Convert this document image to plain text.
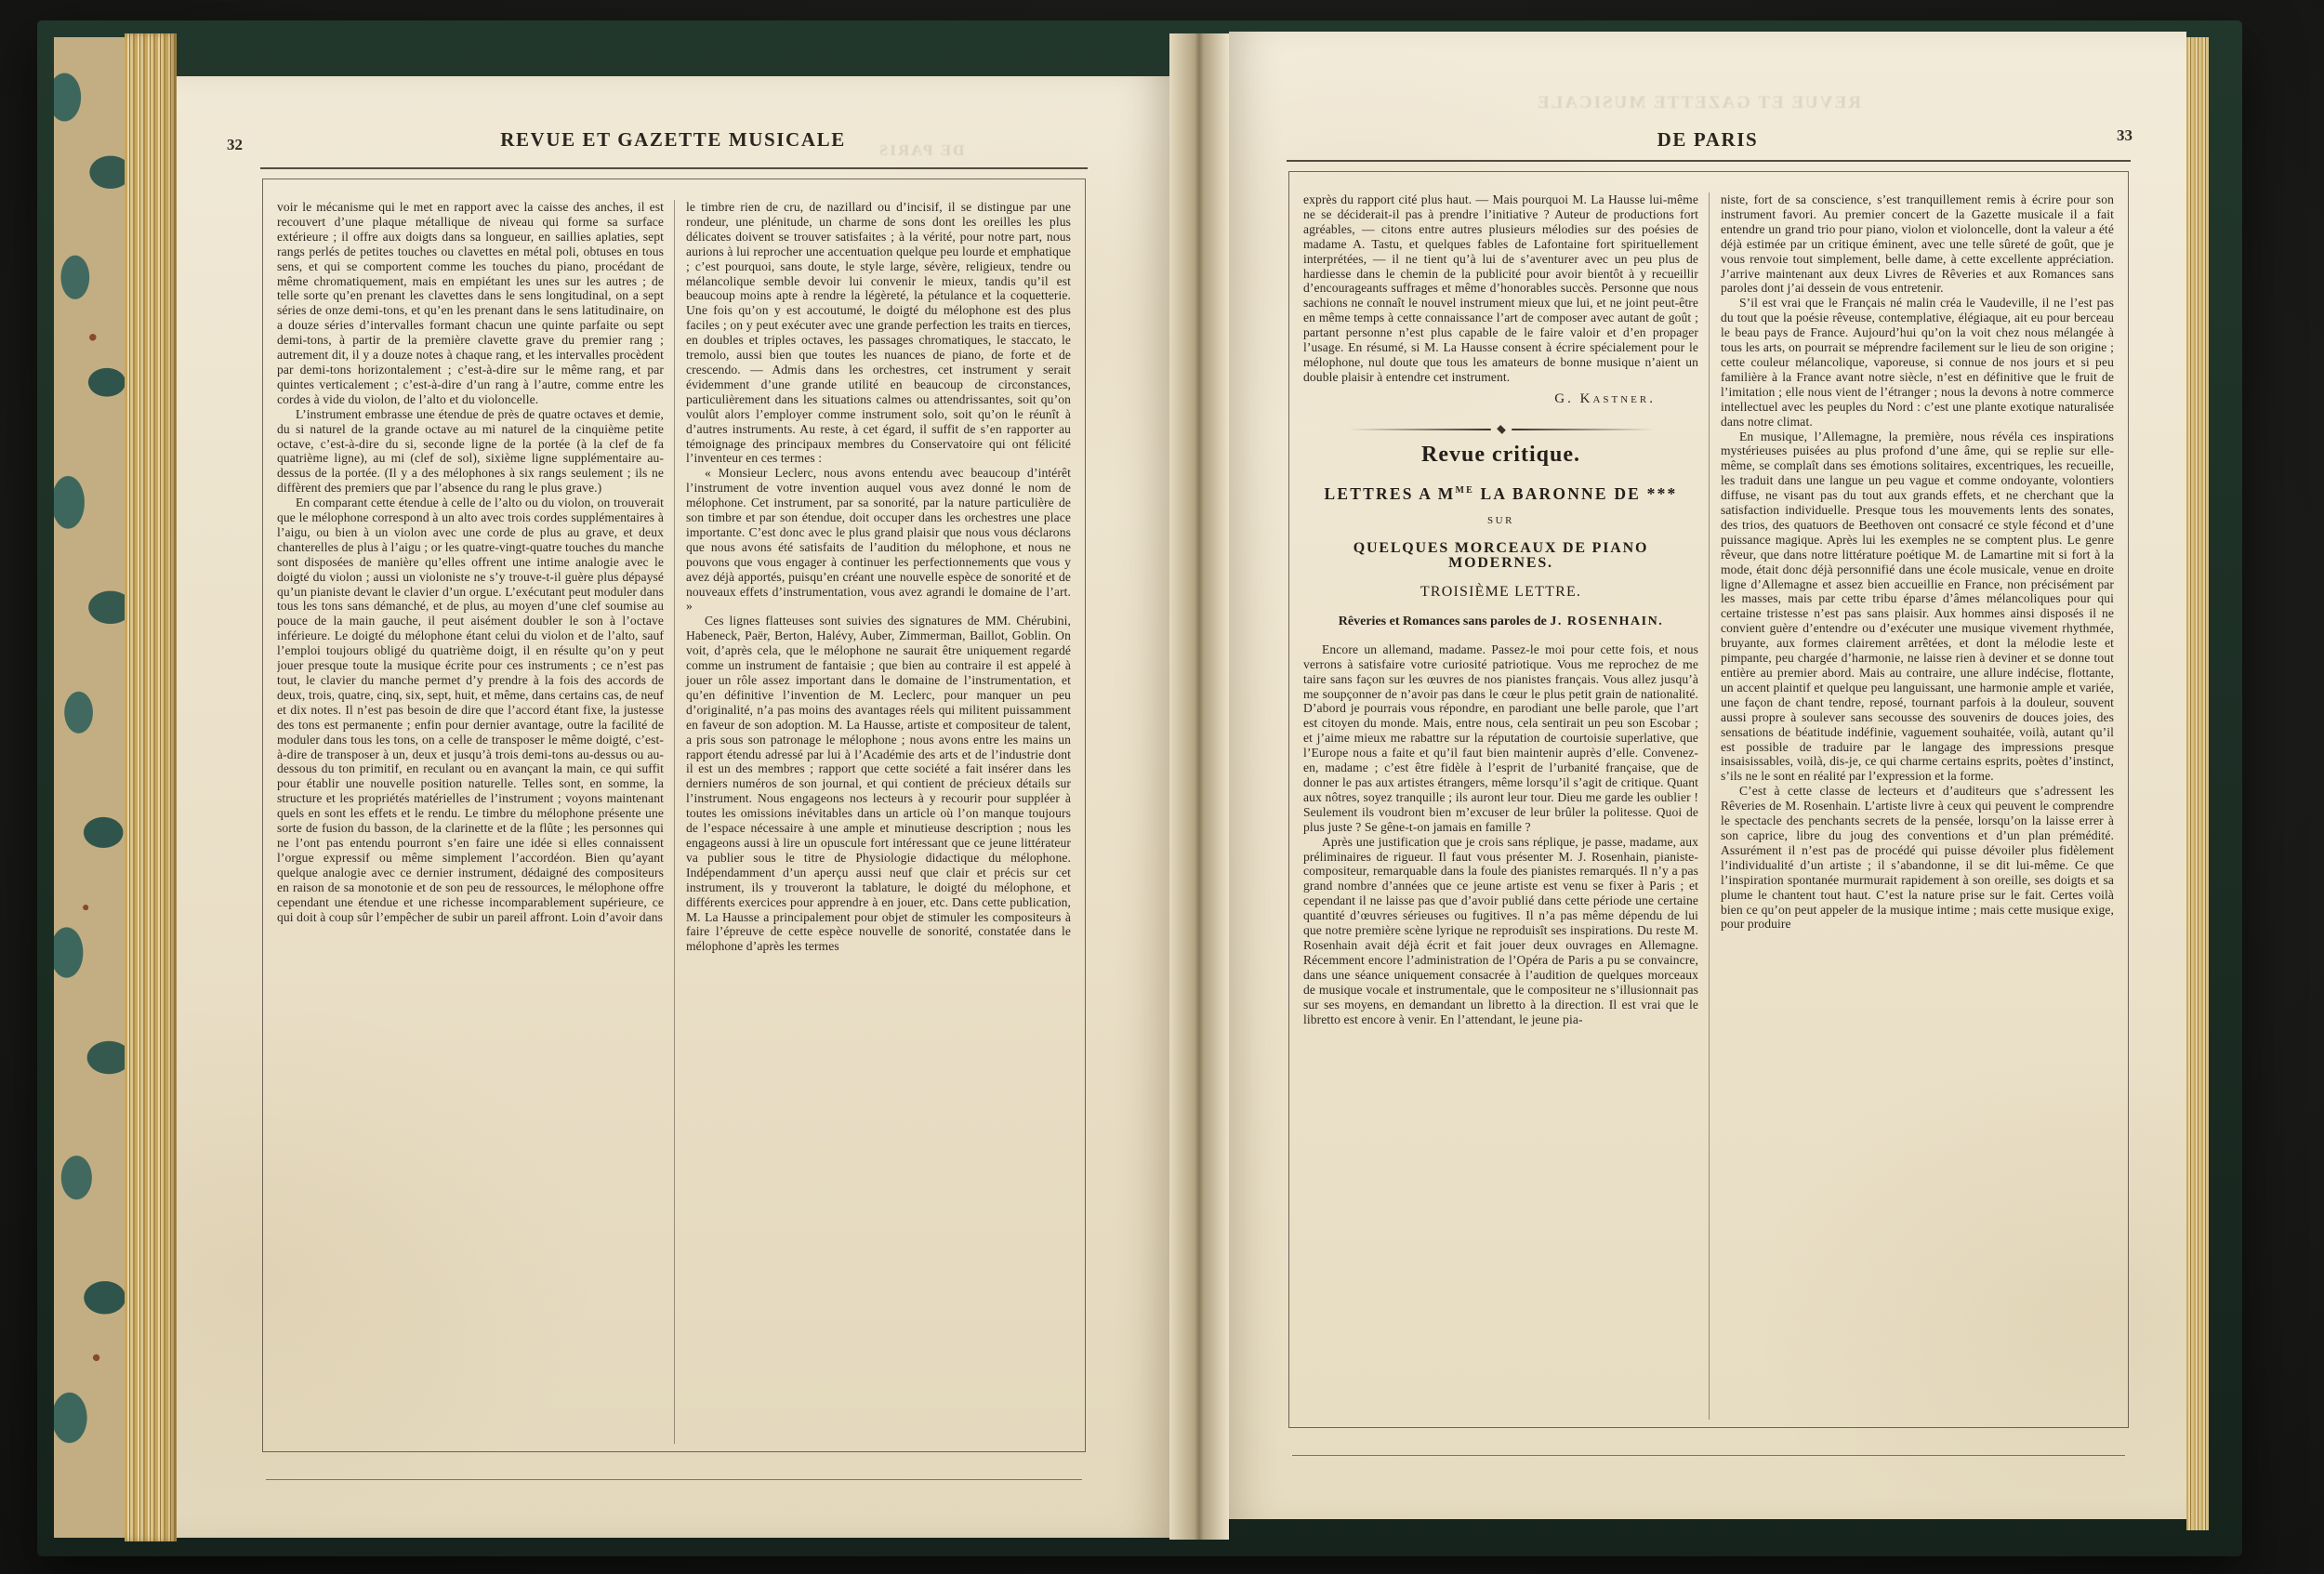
32	DE PARIS
REVUE ET GAZETTE MUSICALE

voir le mécanisme qui le met en rapport avec la caisse des anches, il est recouvert d’une plaque métallique de niveau qui forme sa surface extérieure ; il offre aux doigts dans sa longueur, en saillies aplaties, sept rangs perlés de petites touches ou clavettes en métal poli, obtuses en tous sens, et qui se comportent comme les touches du piano, procédant de même chromatiquement, mais en empiétant les unes sur les autres ; de telle sorte qu’en prenant les clavettes dans le sens longitudinal, on a sept séries de onze demi-tons, et qu’en les prenant dans le sens latitudinaire, on a douze séries d’intervalles formant chacun une quinte parfaite ou sept demi-tons, à partir de la première clavette grave du premier rang ; autrement dit, il y a douze notes à chaque rang, et les intervalles procèdent par demi-tons horizontalement ; c’est-à-dire sur le même rang, et par quintes verticalement ; c’est-à-dire d’un rang à l’autre, comme entre les cordes à vide du violon, de l’alto et du violoncelle.

L’instrument embrasse une étendue de près de quatre octaves et demie, du si naturel de la grande octave au mi naturel de la cinquième petite octave, c’est-à-dire du si, seconde ligne de la portée (à la clef de fa quatrième ligne), au mi (clef de sol), sixième ligne supplémentaire au-dessus de la portée. (Il y a des mélophones à six rangs seulement ; ils ne diffèrent des premiers que par l’absence du rang le plus grave.)

En comparant cette étendue à celle de l’alto ou du violon, on trouverait que le mélophone correspond à un alto avec trois cordes supplémentaires à l’aigu, ou bien à un violon avec une corde de plus au grave, et deux chanterelles de plus à l’aigu ; or les quatre-vingt-quatre touches du manche sont disposées de manière qu’elles offrent une intime analogie avec le doigté du violon ; aussi un violoniste ne s’y trouve-t-il guère plus dépaysé qu’un pianiste devant le clavier d’un orgue. L’exécutant peut moduler dans tous les tons sans démanché, et de plus, au moyen d’une clef soumise au pouce de la main gauche, il peut aisément doubler le son à l’octave inférieure. Le doigté du mélophone étant celui du violon et de l’alto, sauf l’emploi toujours obligé du quatrième doigt, il en résulte qu’on y peut jouer presque toute la musique écrite pour ces instruments ; ce n’est pas tout, le clavier du manche permet d’y prendre à la fois des accords de deux, trois, quatre, cinq, six, sept, huit, et même, dans certains cas, de neuf et dix notes. Il n’est pas besoin de dire que l’accord étant fixe, la justesse des tons est permanente ; enfin pour dernier avantage, outre la facilité de moduler dans tous les tons, on a celle de transposer le même doigté, c’est-à-dire de transposer à un, deux et jusqu’à trois demi-tons au-dessus ou au-dessous du ton primitif, en reculant ou en avançant la main, ce qui suffit pour établir une nouvelle position naturelle. Telles sont, en somme, la structure et les propriétés matérielles de l’instrument ; voyons maintenant quels en sont les effets et le rendu. Le timbre du mélophone présente une sorte de fusion du basson, de la clarinette et de la flûte ; les personnes qui ne l’ont pas entendu pourront s’en faire une idée si elles connaissent l’orgue expressif ou même simplement l’accordéon. Bien qu’ayant quelque analogie avec ce dernier instrument, dédaigné des compositeurs en raison de sa monotonie et de son peu de ressources, le mélophone offre cependant une étendue et une richesse incomparablement supérieure, ce qui doit à coup sûr l’empêcher de subir un pareil affront. Loin d’avoir dans

le timbre rien de cru, de nazillard ou d’incisif, il se distingue par une rondeur, une plénitude, un charme de sons dont les oreilles les plus délicates doivent se trouver satisfaites ; à la vérité, pour notre part, nous aurions à lui reprocher une accentuation quelque peu lourde et emphatique ; c’est pourquoi, sans doute, le style large, sévère, religieux, tendre ou mélancolique semble devoir lui convenir le mieux, tandis qu’il est beaucoup moins apte à rendre la légèreté, la pétulance et la coquetterie. Une fois qu’on y est accoutumé, le doigté du mélophone est des plus faciles ; on y peut exécuter avec une grande perfection les traits en tierces, en doubles et triples octaves, les passages chromatiques, le staccato, le tremolo, aussi bien que toutes les nuances de piano, de forte et de crescendo. — Admis dans les orchestres, cet instrument y serait évidemment d’une grande utilité en beaucoup de circonstances, particulièrement dans les situations calmes ou attendrissantes, soit qu’on voulût alors l’employer comme instrument solo, soit qu’on le réunît à d’autres instruments. Au reste, à cet égard, il suffit de s’en rapporter au témoignage des principaux membres du Conservatoire qui ont félicité l’inventeur en ces termes :

« Monsieur Leclerc, nous avons entendu avec beaucoup d’intérêt l’instrument de votre invention auquel vous avez donné le nom de mélophone. Cet instrument, par sa sonorité, par la nature particulière de son timbre et par son étendue, doit occuper dans les orchestres une place importante. C’est donc avec le plus grand plaisir que nous vous déclarons que nous avons été satisfaits de l’audition du mélophone, et nous ne pouvons que vous engager à continuer les perfectionnements que vous y avez déjà apportés, puisqu’en créant une nouvelle espèce de sonorité et de nouveaux effets d’instrumentation, vous avez agrandi le domaine de l’art. »

Ces lignes flatteuses sont suivies des signatures de MM. Chérubini, Habeneck, Paër, Berton, Halévy, Auber, Zimmerman, Baillot, Goblin. On voit, d’après cela, que le mélophone ne saurait être uniquement regardé comme un instrument de fantaisie ; que bien au contraire il est appelé à jouer un rôle assez important dans le domaine de l’instrumentation, et qu’en définitive l’invention de M. Leclerc, pour manquer un peu d’originalité, n’a pas moins des avantages réels qui militent puissamment en faveur de son adoption. M. La Hausse, artiste et compositeur de talent, a pris sous son patronage le mélophone ; nous avons entre les mains un rapport étendu adressé par lui à l’Académie des arts et de l’industrie dont il est un des membres ; rapport que cette société a fait insérer dans les derniers numéros de son journal, et qui contient de précieux détails sur l’instrument. Nous engageons nos lecteurs à y recourir pour suppléer à toutes les omissions inévitables dans un article où l’on manque toujours de l’espace nécessaire à une ample et minutieuse description ; nous les engageons aussi à lire un opuscule fort intéressant que ce jeune littérateur va publier sous le titre de Physiologie didactique du mélophone. Indépendamment d’un aperçu aussi neuf que clair et précis sur cet instrument, ils y trouveront la tablature, le doigté du mélophone, et différents exercices pour apprendre à en jouer, etc. Dans cette publication, M. La Hausse a principalement pour objet de stimuler les compositeurs à faire l’épreuve de cette espèce nouvelle de sonorité, constatée dans le mélophone d’après les termes

33
REVUE ET GAZETTE MUSICALE
DE PARIS

exprès du rapport cité plus haut. — Mais pourquoi M. La Hausse lui-même ne se déciderait-il pas à prendre l’initiative ? Auteur de productions fort agréables, — citons entre autres plusieurs mélodies sur des poésies de madame A. Tastu, et quelques fables de Lafontaine fort spirituellement interprétées, — il ne tient qu’à lui de s’aventurer avec un peu plus de hardiesse dans le chemin de la publicité pour avoir bientôt à y recueillir d’encourageants suffrages et même d’honorables succès. Personne que nous sachions ne connaît le nouvel instrument mieux que lui, et ne joint peut-être en même temps à cette connaissance l’art de composer avec autant de goût ; partant personne n’est plus capable de le faire valoir et d’en propager l’usage. En résumé, si M. La Hausse consent à écrire spécialement pour le mélophone, nul doute que tous les amateurs de bonne musique n’aient un double plaisir à entendre cet instrument.

G. Kastner.
Revue critique.
LETTRES A $M^{ME}$ LA BARONNE DE ***
SUR
QUELQUES MORCEAUX DE PIANO MODERNES.
TROISIÈME LETTRE.
Rêveries et Romances sans paroles de J. ROSENHAIN.

Encore un allemand, madame. Passez-le moi pour cette fois, et nous verrons à satisfaire votre curiosité patriotique. Vous me reprochez de me taire sans façon sur les œuvres de nos pianistes français. Vous allez jusqu’à me soupçonner de n’avoir pas dans le cœur le plus petit grain de nationalité. D’abord je pourrais vous répondre, en parodiant une belle parole, que l’art est citoyen du monde. Mais, entre nous, cela sentirait un peu son Escobar ; et j’aime mieux me rabattre sur la réputation de courtoisie superlative, que l’Europe nous a faite et qu’il faut bien maintenir auprès d’elle. Convenez-en, madame ; c’est être fidèle à l’esprit de l’urbanité française, que de donner le pas aux artistes étrangers, même lorsqu’il s’agit de critique. Quant aux nôtres, soyez tranquille ; ils auront leur tour. Dieu me garde les oublier ! Seulement ils voudront bien m’excuser de leur brûler la politesse. Quoi de plus juste ? Se gêne-t-on jamais en famille ?

Après une justification que je crois sans réplique, je passe, madame, aux préliminaires de rigueur. Il faut vous présenter M. J. Rosenhain, pianiste-compositeur, remarquable dans la foule des pianistes remarqués. Il n’y a pas grand nombre d’années que ce jeune artiste est venu se fixer à Paris ; et cependant il ne laisse pas que d’avoir publié dans cette période une certaine quantité d’œuvres sérieuses ou fugitives. Il n’a pas même dépendu de lui que notre première scène lyrique ne reproduisît ses inspirations. Du reste M. Rosenhain avait déjà écrit et fait jouer deux ouvrages en Allemagne. Récemment encore l’administration de l’Opéra de Paris a pu se convaincre, dans une séance uniquement consacrée à l’audition de quelques morceaux de musique vocale et instrumentale, que le compositeur ne s’illusionnait pas sur ses moyens, en demandant un libretto à la direction. Il est vrai que le libretto est encore à venir. En l’attendant, le jeune pia-

niste, fort de sa conscience, s’est tranquillement remis à écrire pour son instrument favori. Au premier concert de la Gazette musicale il a fait entendre un grand trio pour piano, violon et violoncelle, dont la valeur a été déjà estimée par un critique éminent, avec une telle sûreté de goût, que je vous renvoie tout simplement, belle dame, à cette excellente appréciation. J’arrive maintenant aux deux Livres de Rêveries et aux Romances sans paroles dont j’ai dessein de vous entretenir.

S’il est vrai que le Français né malin créa le Vaudeville, il ne l’est pas du tout que la poésie rêveuse, contemplative, élégiaque, ait eu pour berceau le beau pays de France. Aujourd’hui qu’on la voit chez nous mélangée à tous les arts, on pourrait se méprendre facilement sur le lieu de son origine ; cette couleur mélancolique, vaporeuse, si connue de nos jours et si peu familière à la France avant notre siècle, n’est en définitive que le fruit de l’imitation ; elle nous vient de l’étranger ; nous la devons à notre commerce intellectuel avec les peuples du Nord : c’est une plante exotique naturalisée dans notre climat.

En musique, l’Allemagne, la première, nous révéla ces inspirations mystérieuses puisées au plus profond d’une âme, qui se replie sur elle-même, se complaît dans ses émotions solitaires, excentriques, les recueille, les traduit dans une langue un peu vague et comme ondoyante, volontiers diffuse, ne visant pas du tout aux grands effets, et ne cherchant que la satisfaction individuelle. Presque tous les mouvements lents des sonates, des trios, des quatuors de Beethoven ont consacré ce style fécond et d’une puissance magique. Après lui les exemples ne se comptent plus. Le genre rêveur, que dans notre littérature poétique M. de Lamartine mit si fort à la mode, était donc déjà personnifié dans une école musicale, venue en droite ligne d’Allemagne et assez bien accueillie en France, non précisément par les masses, mais par cette tribu éparse d’âmes mélancoliques pour qui certaine tristesse n’est pas sans plaisir. Aux hommes ainsi disposés il ne convient guère d’entendre ou d’exécuter une musique vivement rhythmée, bruyante, aux formes clairement arrêtées, et dont la mélodie leste et pimpante, peu chargée d’harmonie, ne laisse rien à deviner et se donne tout entière au premier abord. Mais au contraire, une allure indécise, flottante, un accent plaintif et quelque peu languissant, une harmonie ample et variée, une façon de chant tendre, reposé, tournant parfois à la douleur, souvent aussi propre à soulever sans secousse des souvenirs de douces joies, des sensations de béatitude indéfinie, vaguement souhaitée, voilà, autant qu’il est possible de traduire par le langage des impressions presque insaisissables, voilà, dis-je, ce qui charme certains esprits, poètes d’instinct, s’ils ne le sont en réalité par l’expression et la forme.

C’est à cette classe de lecteurs et d’auditeurs que s’adressent les Rêveries de M. Rosenhain. L’artiste livre à ceux qui peuvent le comprendre le spectacle des penchants secrets de la pensée, lorsqu’on la laisse errer à son caprice, libre du joug des conventions et d’un plan prémédité. Assurément il n’est pas de procédé qui puisse dévoiler plus fidèlement l’individualité d’un artiste ; il s’abandonne, il se dit lui-même. Ce que l’inspiration spontanée murmurait rapidement à son oreille, ses doigts et sa plume le chantent tout haut. C’est la nature prise sur le fait. Certes voilà bien ce qu’on peut appeler de la musique intime ; mais cette musique exige, pour produire
